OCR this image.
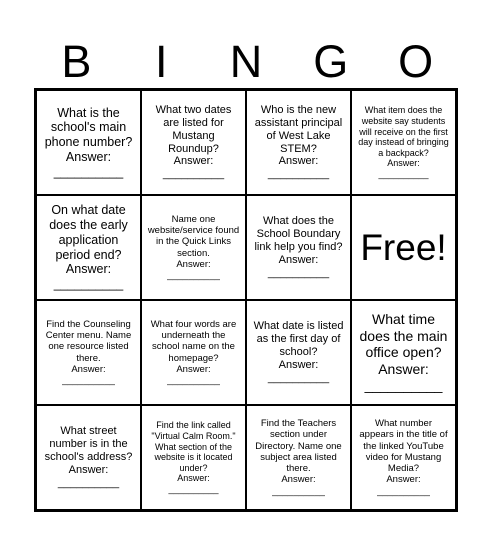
B	I	N	G	O
What is the school's main phone number?
Answer:
__________
What two dates are listed for Mustang Roundup?
Answer:
__________
Who is the new assistant principal of West Lake STEM?
Answer:
__________
What item does the website say students will receive on the first day instead of bringing a backpack?
Answer:
__________
On what date does the early application period end?
Answer:
__________
Name one website/service found in the Quick Links section.
Answer:
__________
What does the School Boundary link help you find?
Answer:
__________
Free!
Find the Counseling Center menu. Name one resource listed there.
Answer:
__________
What four words are underneath the school name on the homepage?
Answer:
__________
What date is listed as the first day of school?
Answer:
__________
What time does the main office open?
Answer:
__________
What street number is in the school's address?
Answer:
__________
Find the link called "Virtual Calm Room." What section of the website is it located under?
Answer:
__________
Find the Teachers section under Directory. Name one subject area listed there.
Answer:
__________
What number appears in the title of the linked YouTube video for Mustang Media?
Answer:
__________
